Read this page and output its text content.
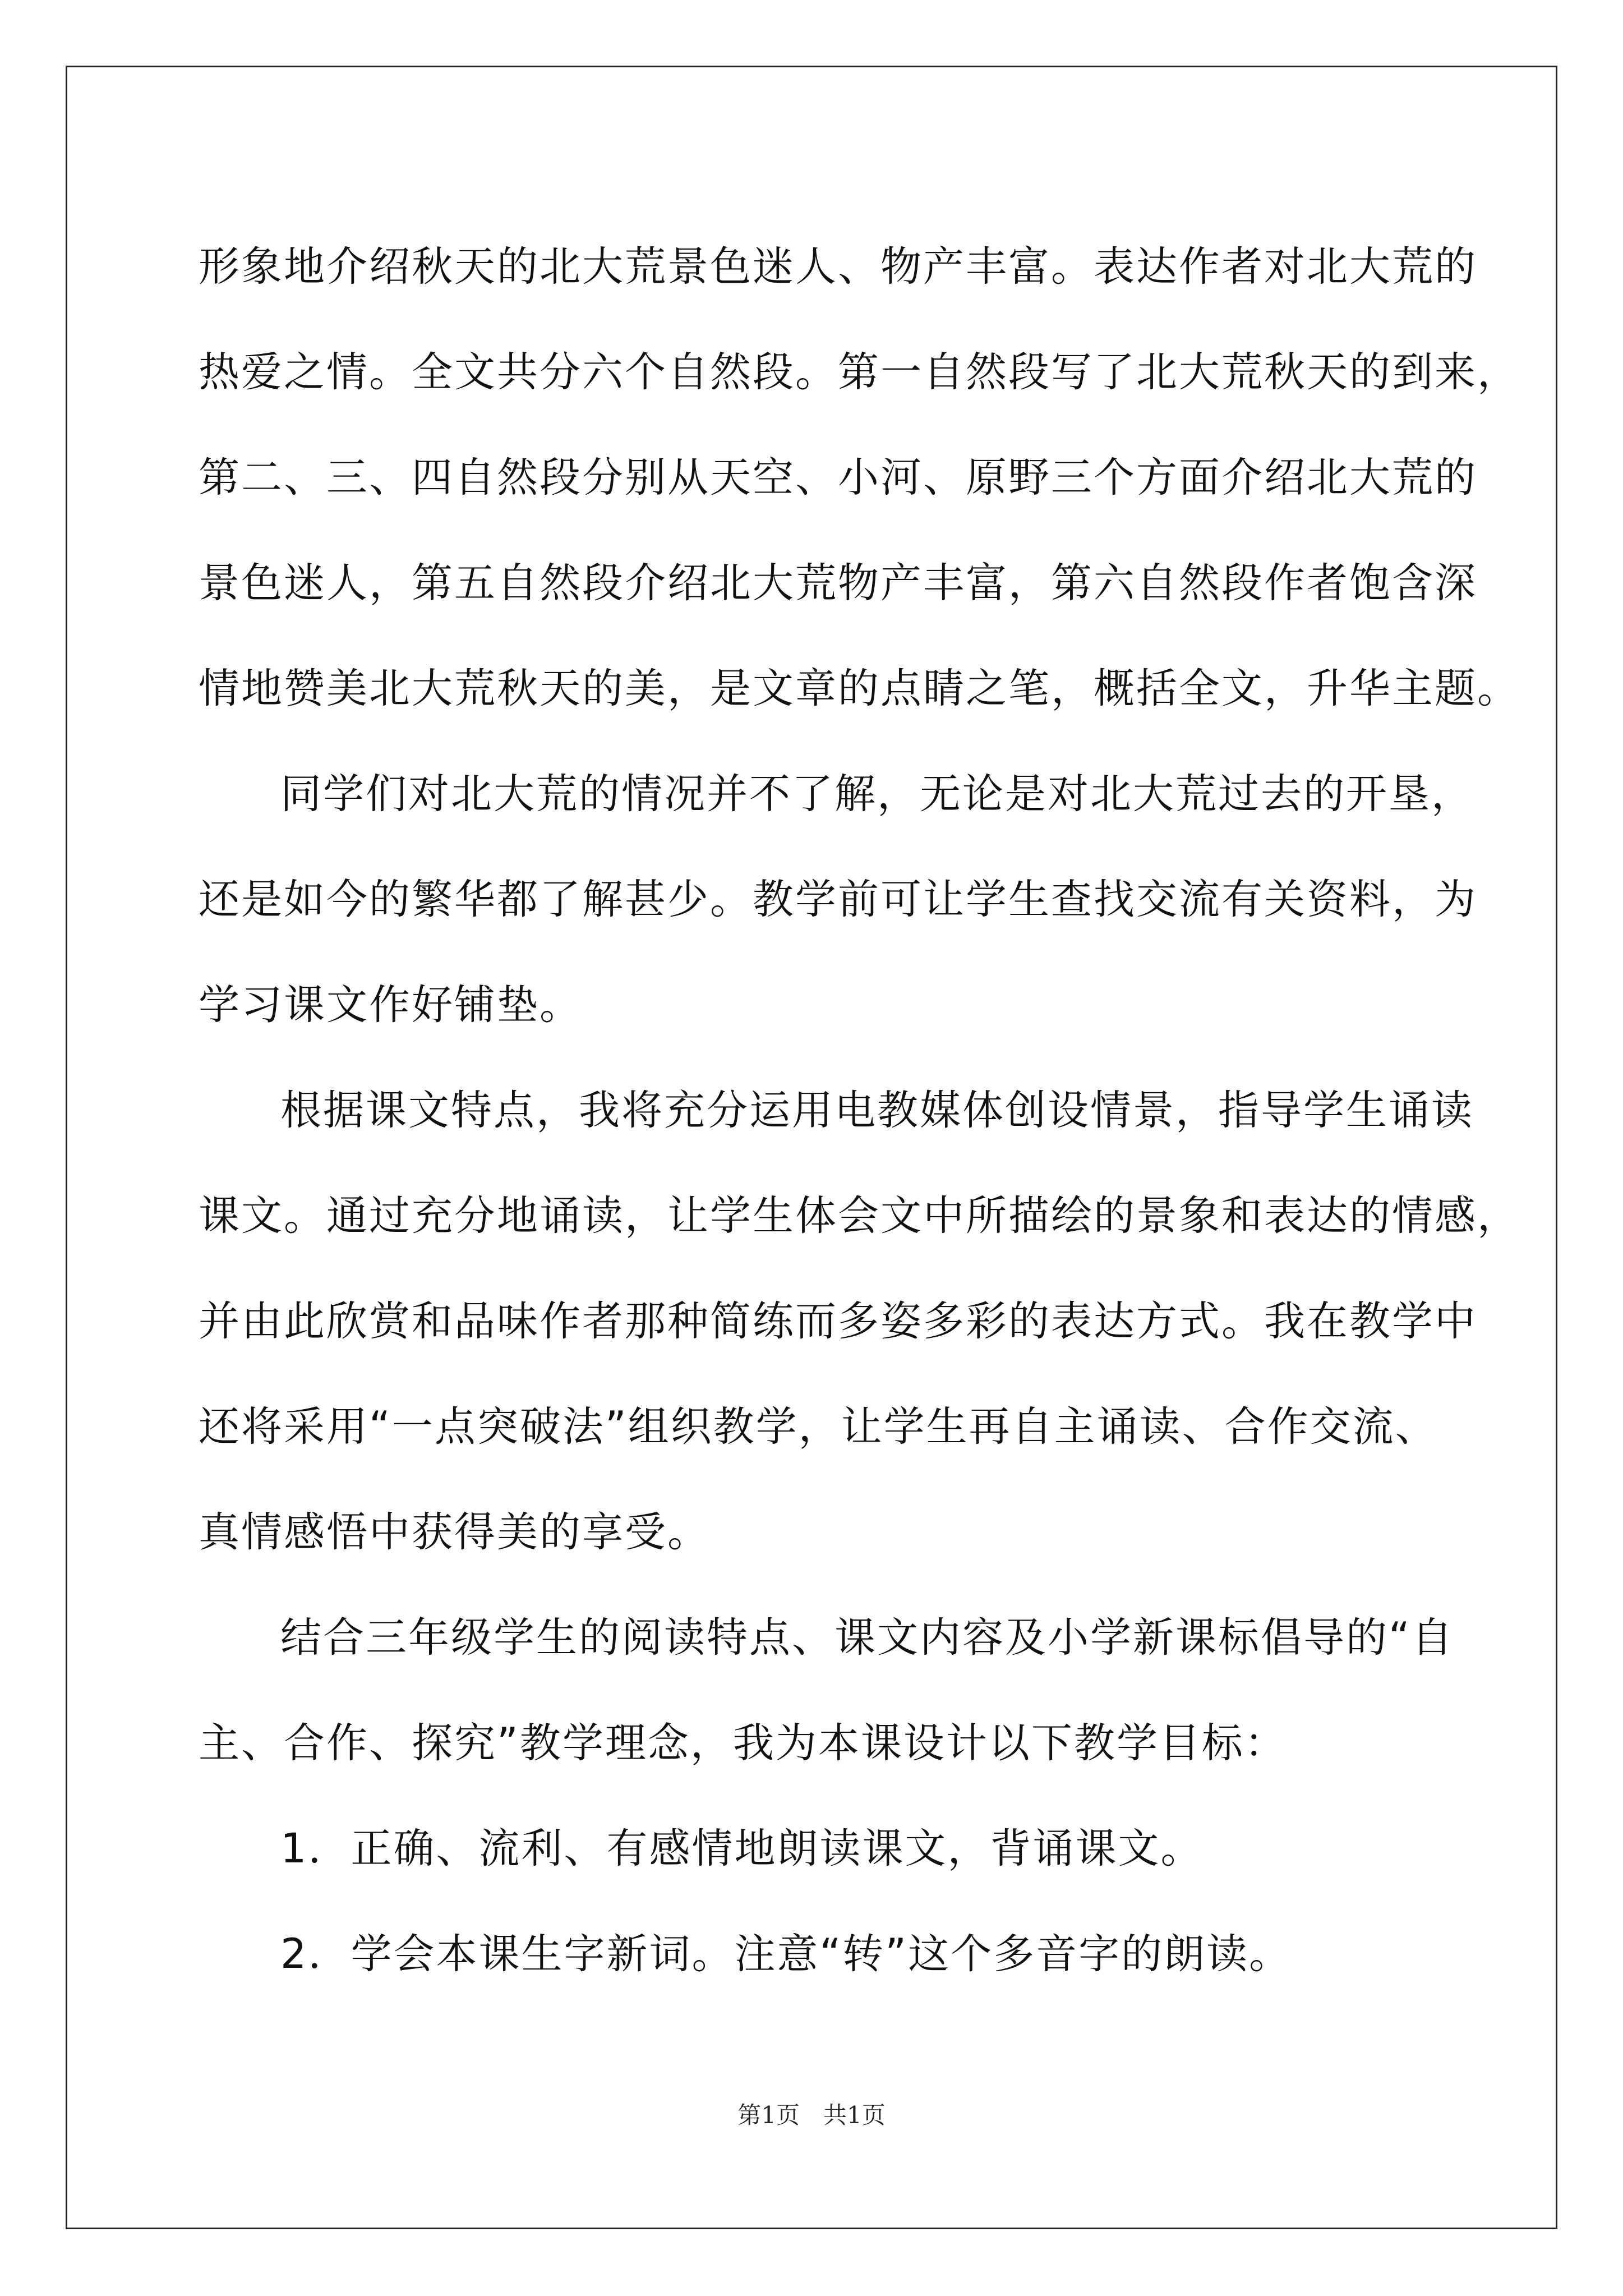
形象地介绍秋天的北大荒景色迷人、物产丰富。表达作者对北大荒的
热爱之情。全文共分六个自然段。第一自然段写了北大荒秋天的到来，
第二、三、四自然段分别从天空、小河、原野三个方面介绍北大荒的
景色迷人，第五自然段介绍北大荒物产丰富，第六自然段作者饱含深
情地赞美北大荒秋天的美，是文章的点睛之笔，概括全文，升华主题。
同学们对北大荒的情况并不了解，无论是对北大荒过去的开垦，
还是如今的繁华都了解甚少。教学前可让学生查找交流有关资料，为
学习课文作好铺垫。
根据课文特点，我将充分运用电教媒体创设情景，指导学生诵读
课文。通过充分地诵读，让学生体会文中所描绘的景象和表达的情感，
并由此欣赏和品味作者那种简练而多姿多彩的表达方式。我在教学中
还将采用“一点突破法”组织教学，让学生再自主诵读、合作交流、
真情感悟中获得美的享受。
结合三年级学生的阅读特点、课文内容及小学新课标倡导的“自
主、合作、探究”教学理念，我为本课设计以下教学目标：
1．正确、流利、有感情地朗读课文，背诵课文。
2．学会本课生字新词。注意“转”这个多音字的朗读。
第1页　共1页
